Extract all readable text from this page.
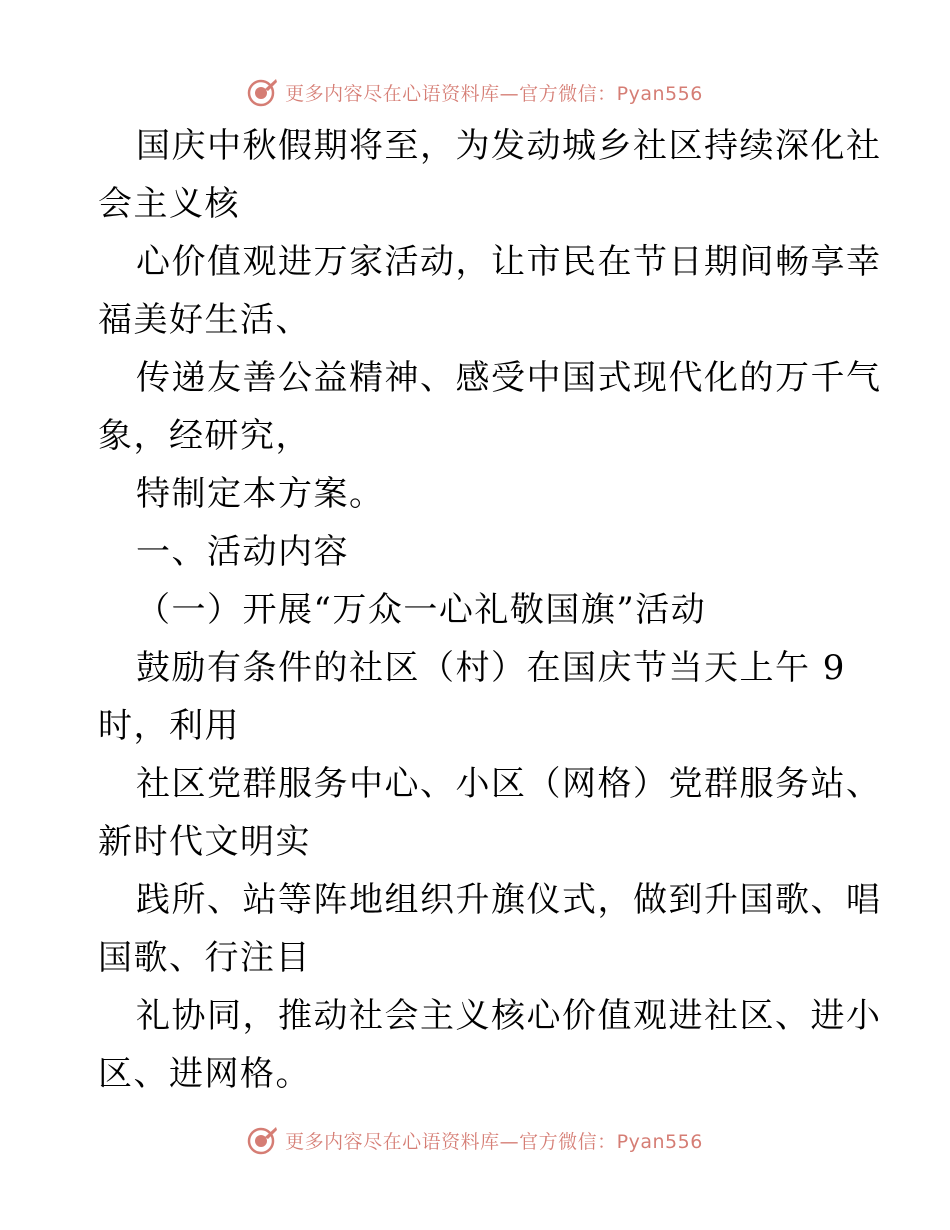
更多内容尽在心语资料库—官方微信：Pyan556

国庆中秋假期将至，为发动城乡社区持续深化社

会主义核

心价值观进万家活动，让市民在节日期间畅享幸

福美好生活、

传递友善公益精神、感受中国式现代化的万千气

象，经研究，

特制定本方案。

一、活动内容

（一）开展“万众一心礼敬国旗”活动

鼓励有条件的社区（村）在国庆节当天上午 9

时，利用

社区党群服务中心、小区（网格）党群服务站、

新时代文明实

践所、站等阵地组织升旗仪式，做到升国歌、唱

国歌、行注目

礼协同，推动社会主义核心价值观进社区、进小

区、进网格。

更多内容尽在心语资料库—官方微信：Pyan556
